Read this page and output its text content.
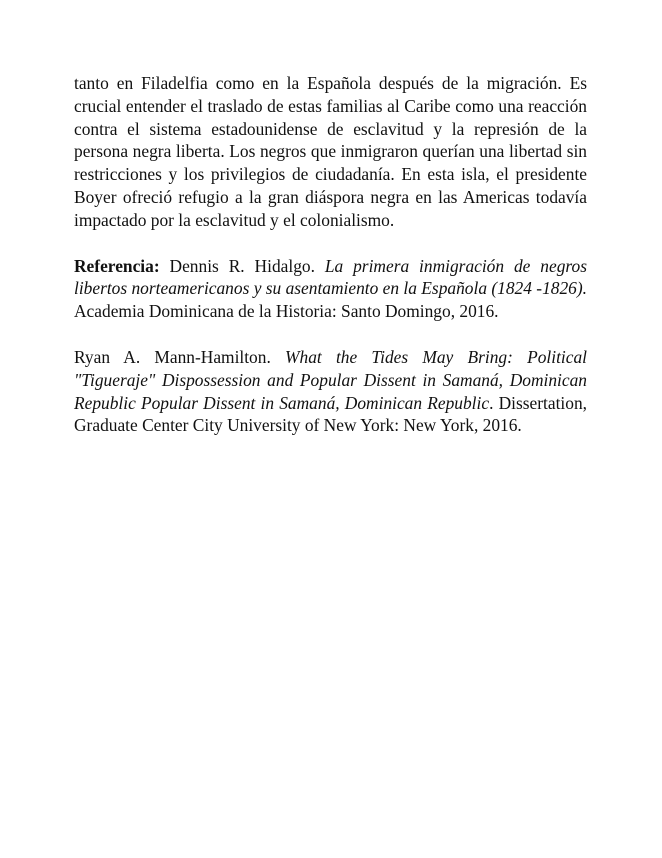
tanto en Filadelfia como en la Española después de la migración. Es crucial entender el traslado de estas familias al Caribe como una reacción contra el sistema estadounidense de esclavitud y la represión de la persona negra liberta. Los negros que inmigraron querían una libertad sin restricciones y los privilegios de ciudadanía. En esta isla, el presidente Boyer ofreció refugio a la gran diáspora negra en las Americas todavía impactado por la esclavitud y el colonialismo.

Referencia: Dennis R. Hidalgo. La primera inmigración de negros libertos norteamericanos y su asentamiento en la Española (1824 -1826). Academia Dominicana de la Historia: Santo Domingo, 2016.

Ryan A. Mann-Hamilton. What the Tides May Bring: Political "Tigueraje" Dispossession and Popular Dissent in Samaná, Dominican Republic Popular Dissent in Samaná, Dominican Republic. Dissertation, Graduate Center City University of New York: New York, 2016.
